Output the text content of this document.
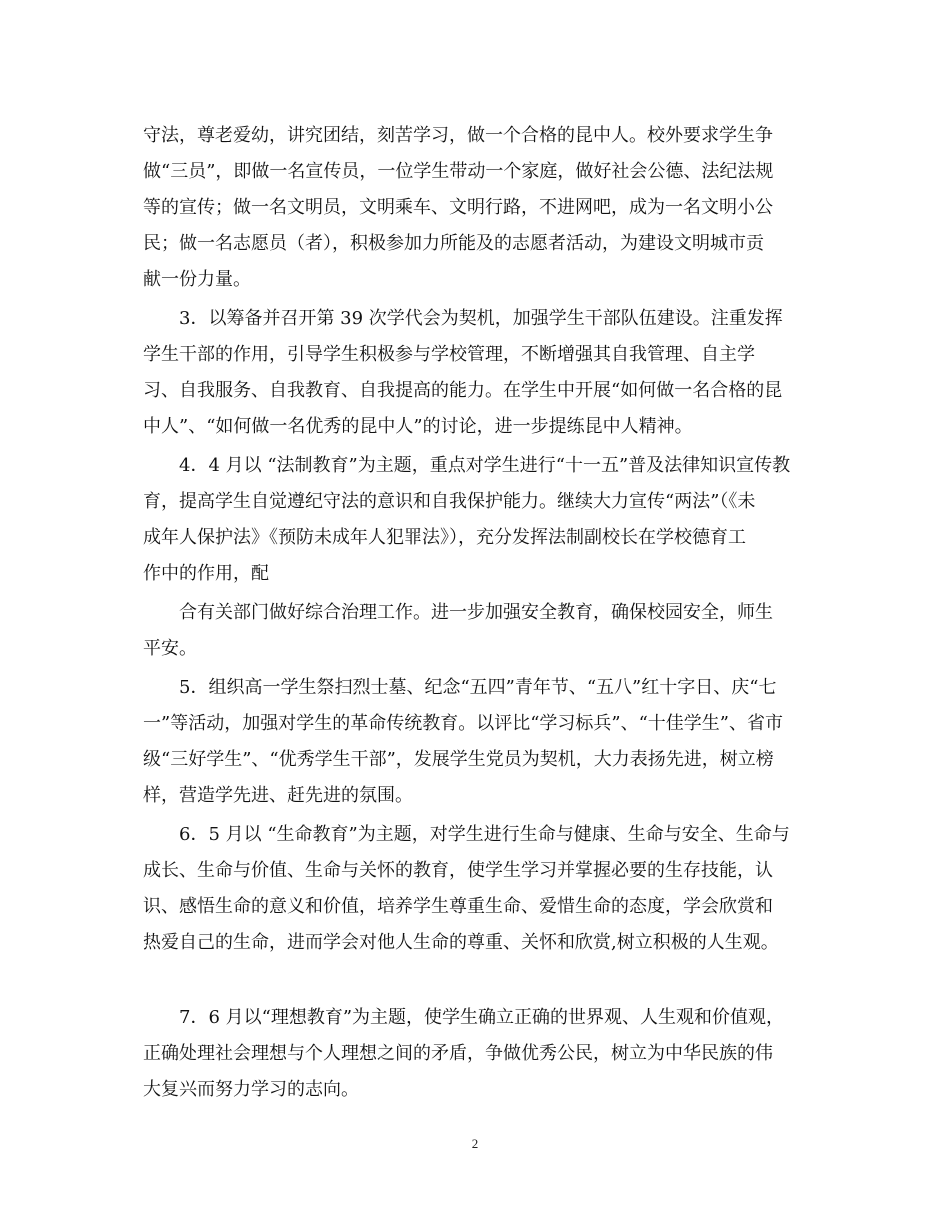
守法，尊老爱幼，讲究团结，刻苦学习，做一个合格的昆中人。校外要求学生争
做“三员”，即做一名宣传员，一位学生带动一个家庭，做好社会公德、法纪法规
等的宣传；做一名文明员，文明乘车、文明行路，不进网吧，成为一名文明小公
民；做一名志愿员（者），积极参加力所能及的志愿者活动，为建设文明城市贡
献一份力量。
3．以筹备并召开第 39 次学代会为契机，加强学生干部队伍建设。注重发挥
学生干部的作用，引导学生积极参与学校管理，不断增强其自我管理、自主学
习、自我服务、自我教育、自我提高的能力。在学生中开展“如何做一名合格的昆
中人”、“如何做一名优秀的昆中人”的讨论，进一步提练昆中人精神。
4．4 月以 “法制教育”为主题，重点对学生进行“十一五”普及法律知识宣传教
育，提高学生自觉遵纪守法的意识和自我保护能力。继续大力宣传“两法”（《未
成年人保护法》《预防未成年人犯罪法》），充分发挥法制副校长在学校德育工
作中的作用，配
合有关部门做好综合治理工作。进一步加强安全教育，确保校园安全，师生
平安。
5．组织高一学生祭扫烈士墓、纪念“五四”青年节、“五八”红十字日、庆“七
一”等活动，加强对学生的革命传统教育。以评比“学习标兵”、“十佳学生”、省市
级“三好学生”、“优秀学生干部”，发展学生党员为契机，大力表扬先进，树立榜
样，营造学先进、赶先进的氛围。
6．5 月以 “生命教育”为主题，对学生进行生命与健康、生命与安全、生命与
成长、生命与价值、生命与关怀的教育，使学生学习并掌握必要的生存技能，认
识、感悟生命的意义和价值，培养学生尊重生命、爱惜生命的态度，学会欣赏和
热爱自己的生命，进而学会对他人生命的尊重、关怀和欣赏,树立积极的人生观。
7．6 月以“理想教育”为主题，使学生确立正确的世界观、人生观和价值观，
正确处理社会理想与个人理想之间的矛盾，争做优秀公民，树立为中华民族的伟
大复兴而努力学习的志向。
2
